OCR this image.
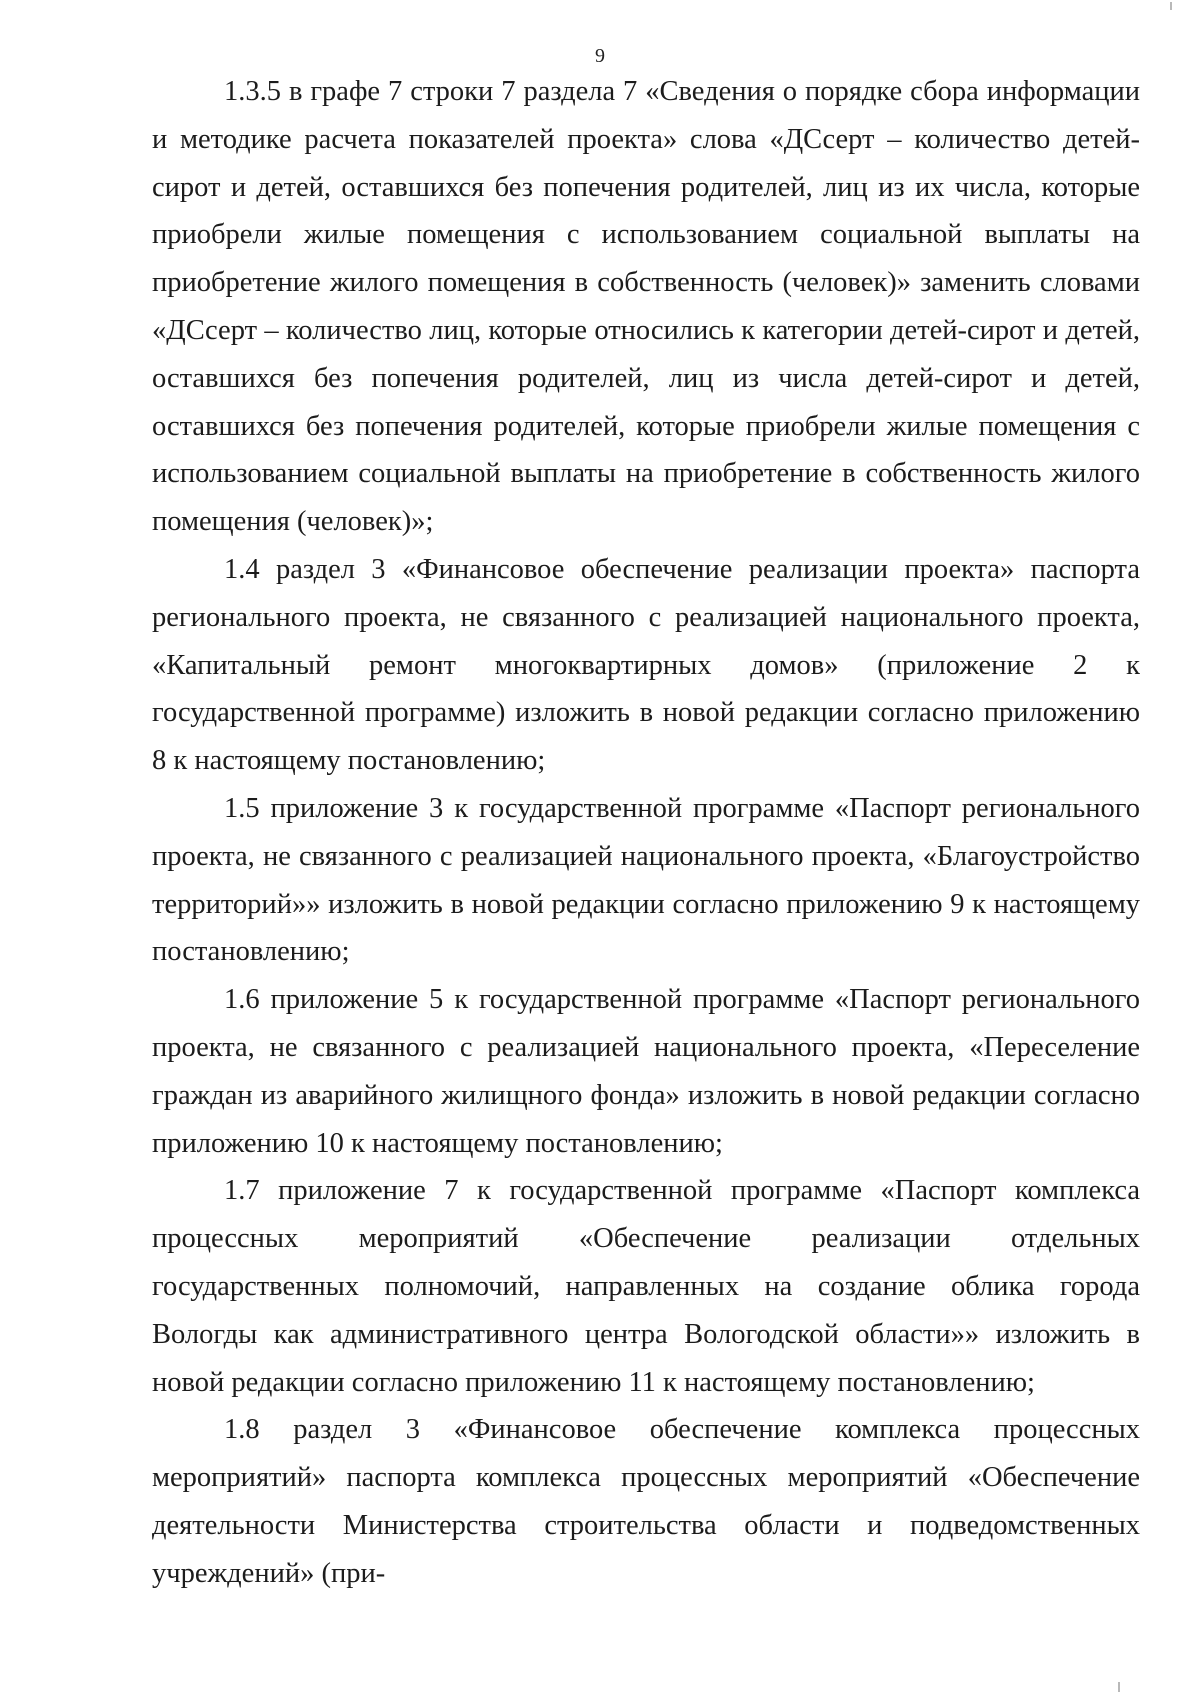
9

1.3.5 в графе 7 строки 7 раздела 7 «Сведения о порядке сбора информации и методике расчета показателей проекта» слова «ДСсерт – количество детей-сирот и детей, оставшихся без попечения родителей, лиц из их числа, которые приобрели жилые помещения с использованием социальной выплаты на приобретение жилого помещения в собственность (человек)» заменить словами «ДСсерт – количество лиц, которые относились к категории детей-сирот и детей, оставшихся без попечения родителей, лиц из числа детей-сирот и детей, оставшихся без попечения родителей, которые приобрели жилые помещения с использованием социальной выплаты на приобретение в собственность жилого помещения (человек)»;

1.4 раздел 3 «Финансовое обеспечение реализации проекта» паспорта регионального проекта, не связанного с реализацией национального проекта, «Капитальный ремонт многоквартирных домов» (приложение 2 к государственной программе) изложить в новой редакции согласно приложению 8 к настоящему постановлению;

1.5 приложение 3 к государственной программе «Паспорт регионального проекта, не связанного с реализацией национального проекта, «Благоустройство территорий»» изложить в новой редакции согласно приложению 9 к настоящему постановлению;

1.6 приложение 5 к государственной программе «Паспорт регионального проекта, не связанного с реализацией национального проекта, «Переселение граждан из аварийного жилищного фонда» изложить в новой редакции согласно приложению 10 к настоящему постановлению;

1.7 приложение 7 к государственной программе «Паспорт комплекса процессных мероприятий «Обеспечение реализации отдельных государственных полномочий, направленных на создание облика города Вологды как административного центра Вологодской области»» изложить в новой редакции согласно приложению 11 к настоящему постановлению;

1.8 раздел 3 «Финансовое обеспечение комплекса процессных мероприятий» паспорта комплекса процессных мероприятий «Обеспечение деятельности Министерства строительства области и подведомственных учреждений» (при-
